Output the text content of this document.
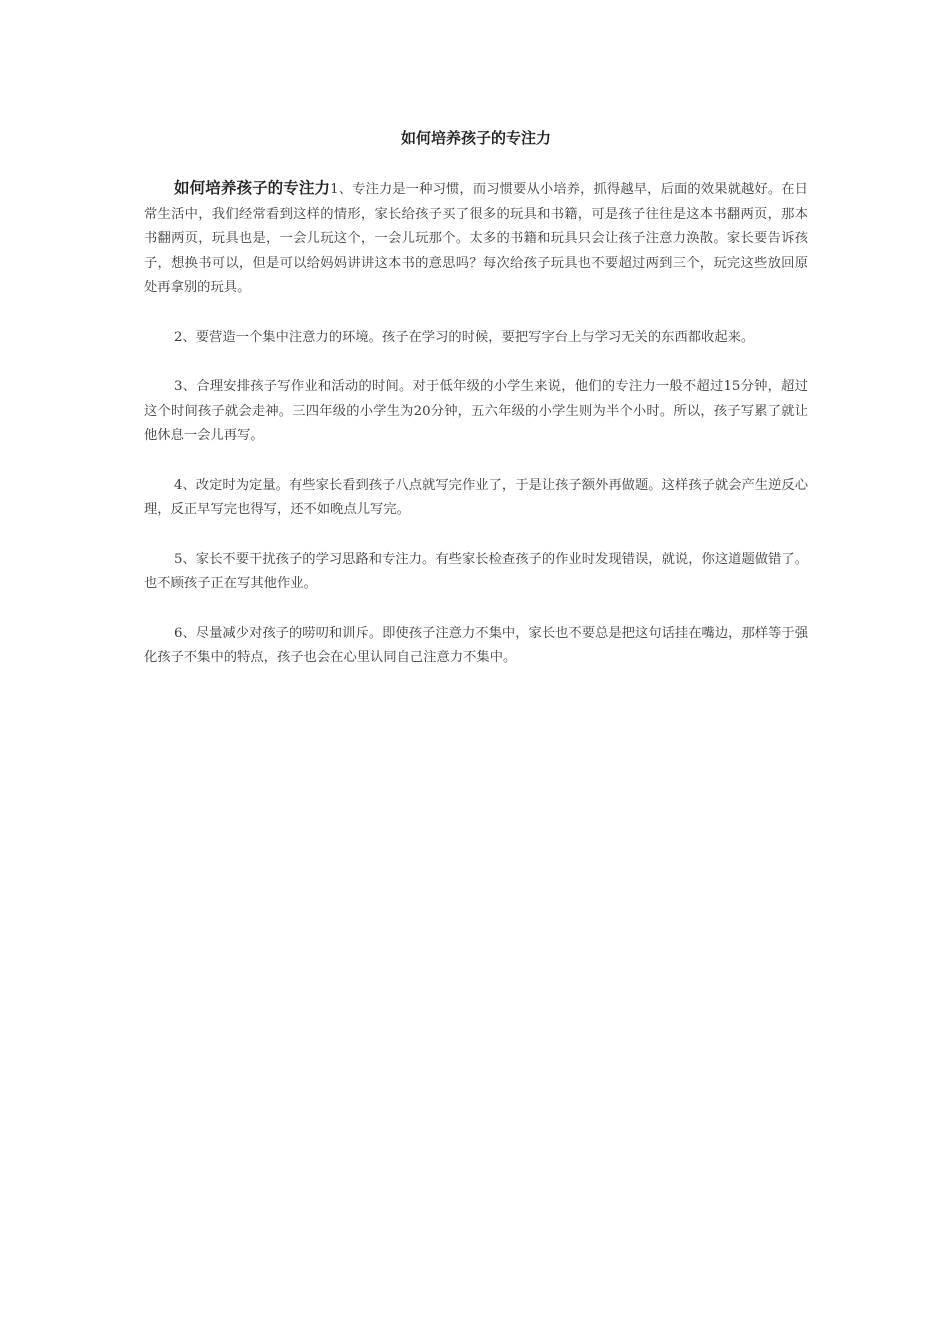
如何培养孩子的专注力

如何培养孩子的专注力1、专注力是一种习惯，而习惯要从小培养，抓得越早，后面的效果就越好。在日常生活中，我们经常看到这样的情形，家长给孩子买了很多的玩具和书籍，可是孩子往往是这本书翻两页，那本书翻两页，玩具也是，一会儿玩这个，一会儿玩那个。太多的书籍和玩具只会让孩子注意力涣散。家长要告诉孩子，想换书可以，但是可以给妈妈讲讲这本书的意思吗？每次给孩子玩具也不要超过两到三个，玩完这些放回原处再拿别的玩具。

2、要营造一个集中注意力的环境。孩子在学习的时候，要把写字台上与学习无关的东西都收起来。

3、合理安排孩子写作业和活动的时间。对于低年级的小学生来说，他们的专注力一般不超过15分钟，超过这个时间孩子就会走神。三四年级的小学生为20分钟，五六年级的小学生则为半个小时。所以，孩子写累了就让他休息一会儿再写。

4、改定时为定量。有些家长看到孩子八点就写完作业了，于是让孩子额外再做题。这样孩子就会产生逆反心理，反正早写完也得写，还不如晚点儿写完。

5、家长不要干扰孩子的学习思路和专注力。有些家长检查孩子的作业时发现错误，就说，你这道题做错了。也不顾孩子正在写其他作业。

6、尽量减少对孩子的唠叨和训斥。即使孩子注意力不集中，家长也不要总是把这句话挂在嘴边，那样等于强化孩子不集中的特点，孩子也会在心里认同自己注意力不集中。
